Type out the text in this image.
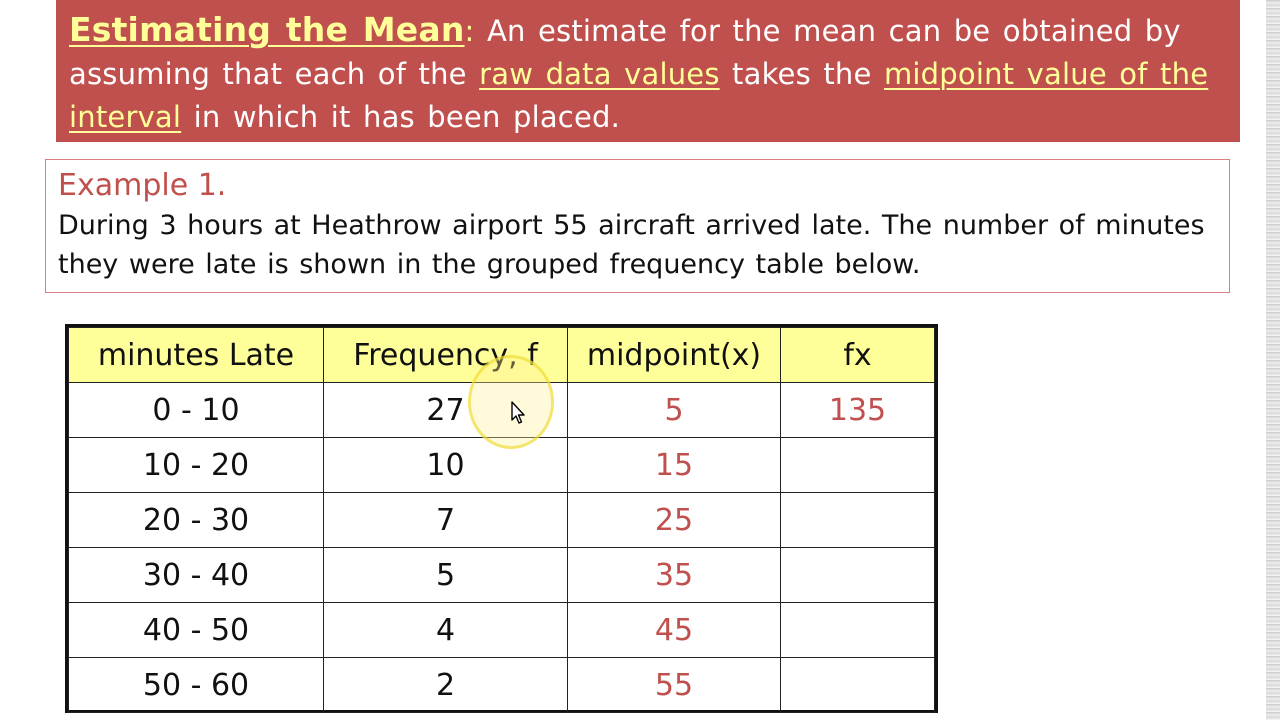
Estimating the Mean: An estimate for the mean can be obtained by assuming that each of the raw data values takes the midpoint value of the interval in which it has been placed.
Example 1.
During 3 hours at Heathrow airport 55 aircraft arrived late. The number of minutes they were late is shown in the grouped frequency table below.
minutes Late	Frequency, f	midpoint(x)	fx
0 - 10	27	5	135
10 - 20	10	15	
20 - 30	7	25	
30 - 40	5	35	
40 - 50	4	45	
50 - 60	2	55	
